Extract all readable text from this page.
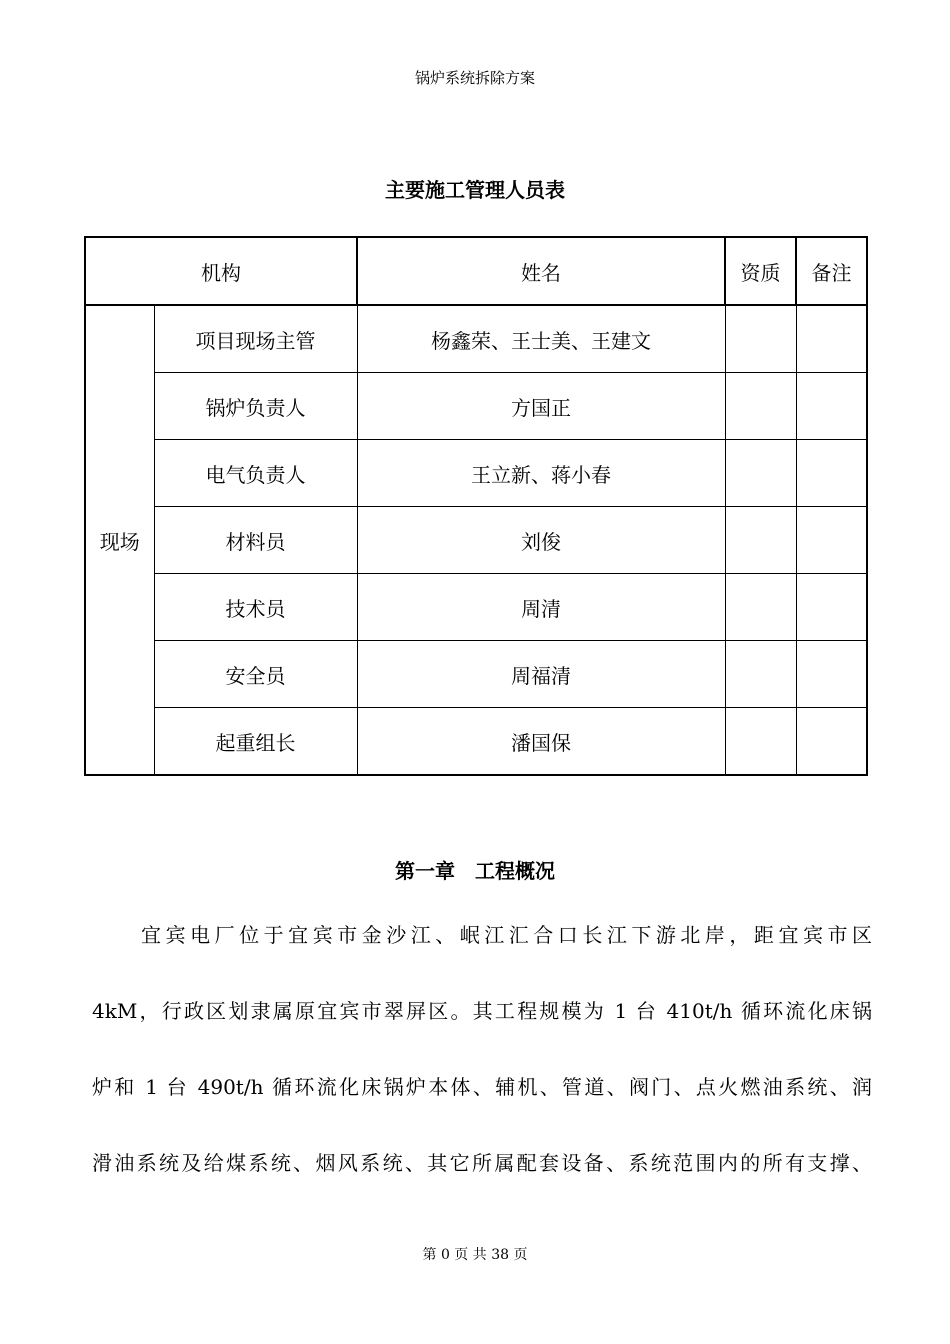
锅炉系统拆除方案
主要施工管理人员表
机构		姓名	资质	备注
现场	项目现场主管	杨鑫荣、王士美、王建文		
	锅炉负责人	方国正		
	电气负责人	王立新、蒋小春		
	材料员	刘俊		
	技术员	周清		
	安全员	周福清		
	起重组长	潘国保		
第一章　工程概况
　　宜宾电厂位于宜宾市金沙江、岷江汇合口长江下游北岸，距宜宾市区
4kM，行政区划隶属原宜宾市翠屏区。其工程规模为 1 台 410t/h 循环流化床锅
炉和 1 台 490t/h 循环流化床锅炉本体、辅机、管道、阀门、点火燃油系统、润
滑油系统及给煤系统、烟风系统、其它所属配套设备、系统范围内的所有支撑、
第 0 页 共 38 页
